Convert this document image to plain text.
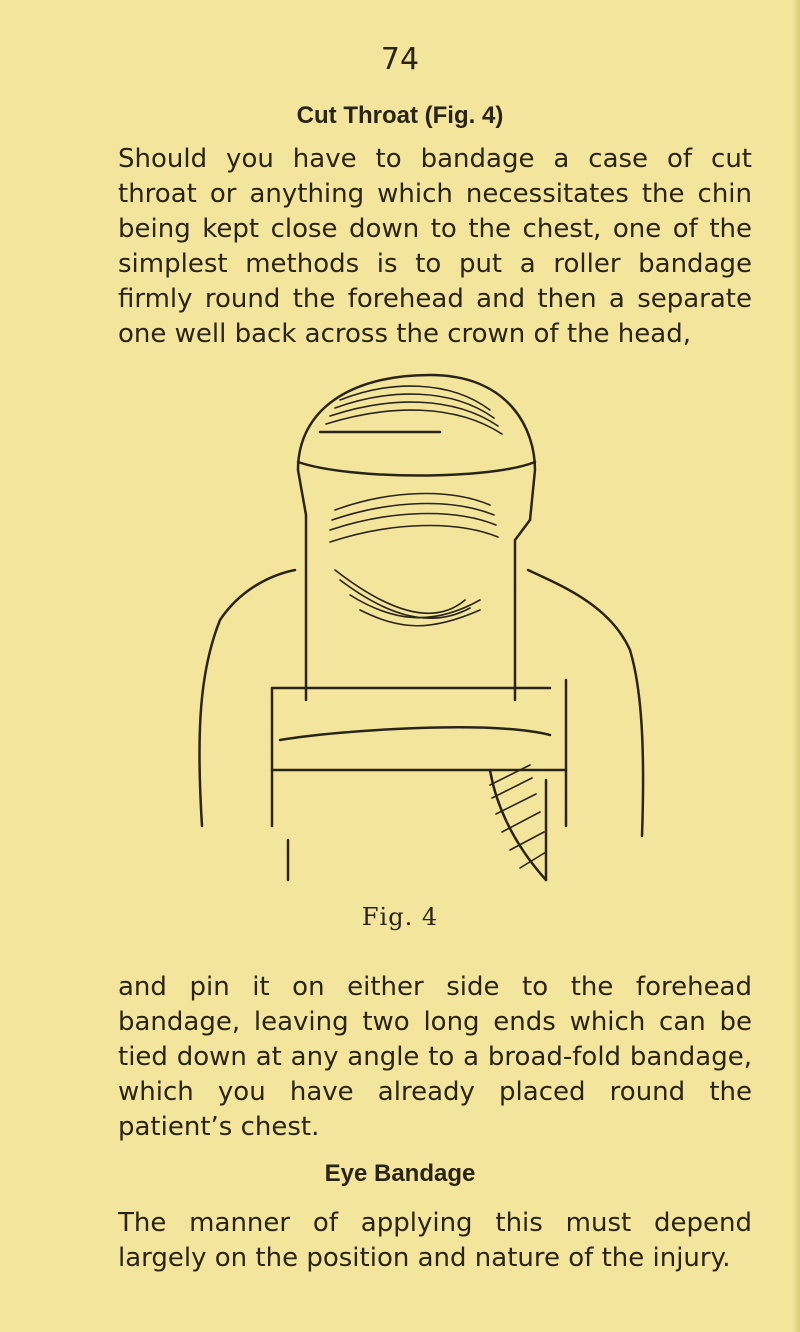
74
Cut Throat (Fig. 4)
Should you have to bandage a case of cut throat or anything which necessitates the chin being kept close down to the chest, one of the simplest methods is to put a roller bandage firmly round the forehead and then a separate one well back across the crown of the head,
Fig. 4
and pin it on either side to the forehead bandage, leaving two long ends which can be tied down at any angle to a broad-fold bandage, which you have already placed round the patient’s chest.
Eye Bandage
The manner of applying this must depend largely on the position and nature of the injury.
